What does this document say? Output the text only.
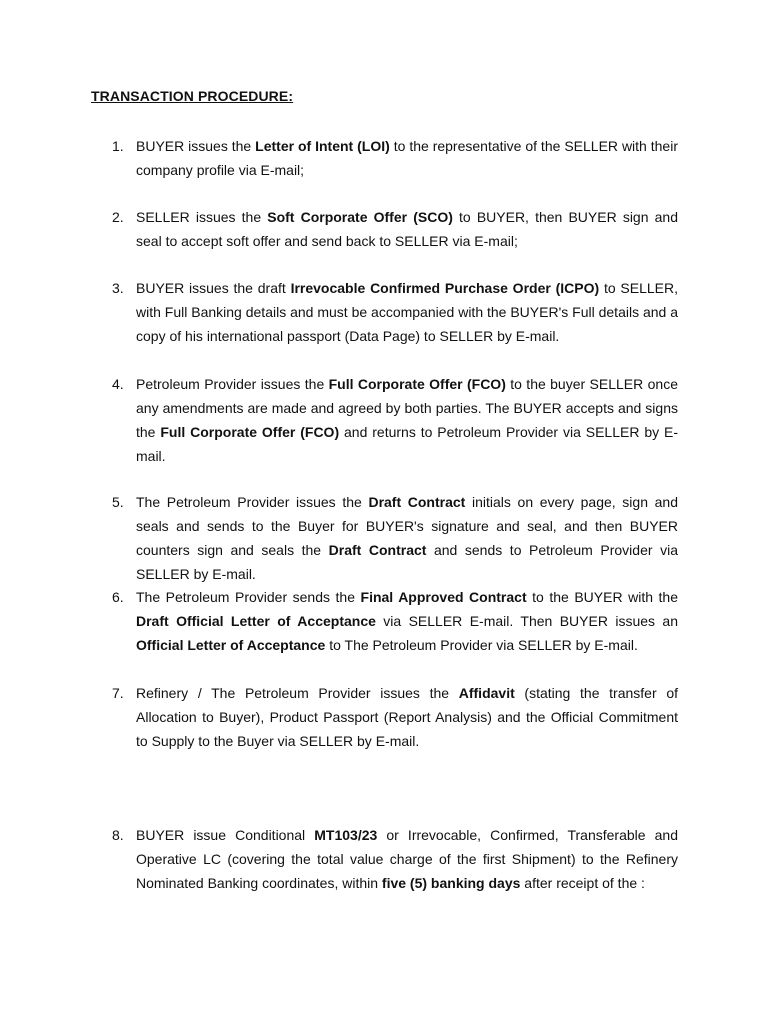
TRANSACTION PROCEDURE:
1. BUYER issues the Letter of Intent (LOI) to the representative of the SELLER with their company profile via E-mail;
2. SELLER issues the Soft Corporate Offer (SCO) to BUYER, then BUYER sign and seal to accept soft offer and send back to SELLER via E-mail;
3. BUYER issues the draft Irrevocable Confirmed Purchase Order (ICPO) to SELLER, with Full Banking details and must be accompanied with the BUYER's Full details and a copy of his international passport (Data Page) to SELLER by E-mail.
4. Petroleum Provider issues the Full Corporate Offer (FCO) to the buyer SELLER once any amendments are made and agreed by both parties. The BUYER accepts and signs the Full Corporate Offer (FCO) and returns to Petroleum Provider via SELLER by E-mail.
5. The Petroleum Provider issues the Draft Contract initials on every page, sign and seals and sends to the Buyer for BUYER's signature and seal, and then BUYER counters sign and seals the Draft Contract and sends to Petroleum Provider via SELLER by E-mail.
6. The Petroleum Provider sends the Final Approved Contract to the BUYER with the Draft Official Letter of Acceptance via SELLER E-mail. Then BUYER issues an Official Letter of Acceptance to The Petroleum Provider via SELLER by E-mail.
7. Refinery / The Petroleum Provider issues the Affidavit (stating the transfer of Allocation to Buyer), Product Passport (Report Analysis) and the Official Commitment to Supply to the Buyer via SELLER by E-mail.
8. BUYER issue Conditional MT103/23 or Irrevocable, Confirmed, Transferable and Operative LC (covering the total value charge of the first Shipment) to the Refinery Nominated Banking coordinates, within five (5) banking days after receipt of the :
